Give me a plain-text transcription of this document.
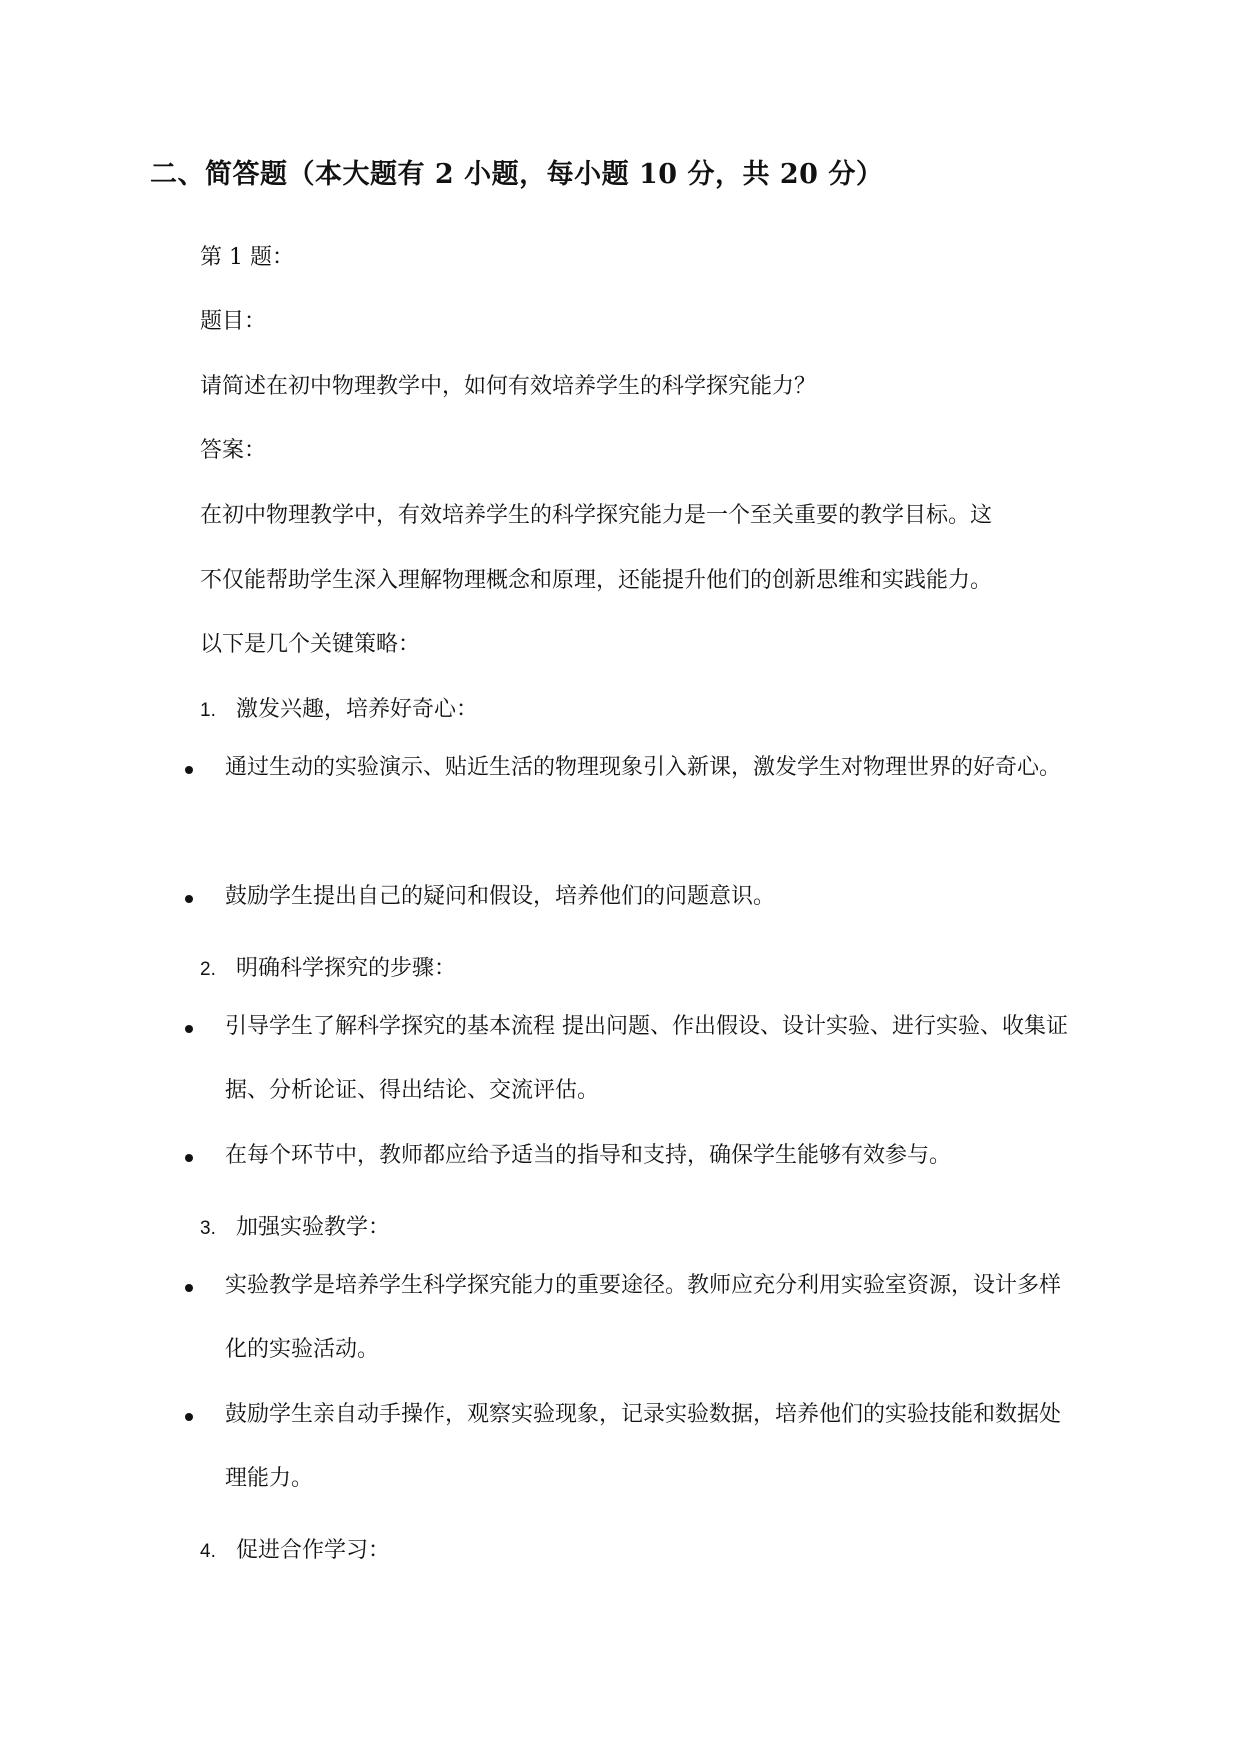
二、简答题（本大题有 2 小题，每小题 10 分，共 20 分）
第 1 题：
题目：
请简述在初中物理教学中，如何有效培养学生的科学探究能力？
答案：
在初中物理教学中，有效培养学生的科学探究能力是一个至关重要的教学目标。这
不仅能帮助学生深入理解物理概念和原理，还能提升他们的创新思维和实践能力。
以下是几个关键策略：
1. 激发兴趣，培养好奇心：
通过生动的实验演示、贴近生活的物理现象引入新课，激发学生对物理世界的好奇心。
鼓励学生提出自己的疑问和假设，培养他们的问题意识。
2. 明确科学探究的步骤：
引导学生了解科学探究的基本流程 提出问题、作出假设、设计实验、进行实验、收集证据、分析论证、得出结论、交流评估。
在每个环节中，教师都应给予适当的指导和支持，确保学生能够有效参与。
3. 加强实验教学：
实验教学是培养学生科学探究能力的重要途径。教师应充分利用实验室资源，设计多样化的实验活动。
鼓励学生亲自动手操作，观察实验现象，记录实验数据，培养他们的实验技能和数据处理能力。
4. 促进合作学习：
